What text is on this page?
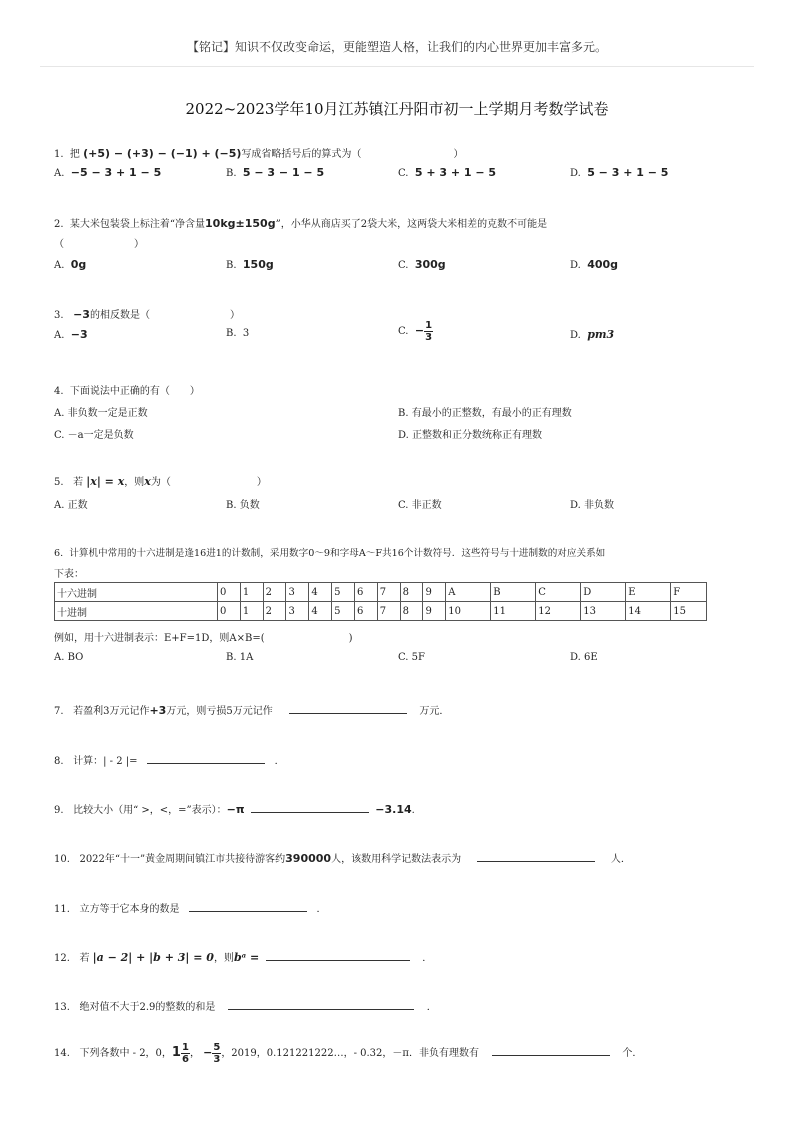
【铭记】知识不仅改变命运，更能塑造人格，让我们的内心世界更加丰富多元。
2022~2023学年10月江苏镇江丹阳市初一上学期月考数学试卷
1. 把 (+5) − (+3) − (−1) + (−5)写成省略括号后的算式为（	）
A. −5 − 3 + 1 − 5	B. 5 − 3 − 1 − 5	C. 5 + 3 + 1 − 5	D. 5 − 3 + 1 − 5
2. 某大米包装袋上标注着“净含量10kg±150g”，小华从商店买了2袋大米，这两袋大米相差的克数不可能是
（　　　　　　　）
A. 0g	B. 150g	C. 300g	D. 400g
3. −3的相反数是（	）
A. −3	B. 3	C. − $\frac{1}{3}$	D. pm3
4. 下面说法中正确的有（　　）
A. 非负数一定是正数	B. 有最小的正整数，有最小的正有理数
C. －a一定是负数	D. 正整数和正分数统称正有理数
5. 若 |x| = x，则x为（	）
A. 正数	B. 负数	C. 非正数	D. 非负数
6. 计算机中常用的十六进制是逢16进1的计数制，采用数字0～9和字母A～F共16个计数符号．这些符号与十进制数的对应关系如
下表：
十六进制	0	1	2	3	4	5	6	7	8	9	A	B	C	D	E	F
十进制	0	1	2	3	4	5	6	7	8	9	10	11	12	13	14	15
例如，用十六进制表示：E+F=1D，则A×B=(	)
A. BO	B. 1A	C. 5F	D. 6E
7. 若盈利3万元记作+3万元，则亏损5万元记作	万元．
8. 计算：| - 2 |=	．
9. 比较大小（用“ >，<，=”表示）：−π	−3.14.
10. 2022年“十一”黄金周期间镇江市共接待游客约390000人，该数用科学记数法表示为	人．
11. 立方等于它本身的数是	．
12. 若 |a − 2| + |b + 3| = 0，则bᵃ =	．
13. 绝对值不大于2.9的整数的和是	．
14. 下列各数中 - 2，0，$1 \frac{1}{6}$ ， − $\frac{5}{3}$ ，2019，0.121221222…，- 0.32，－π．非负有理数有	个．
